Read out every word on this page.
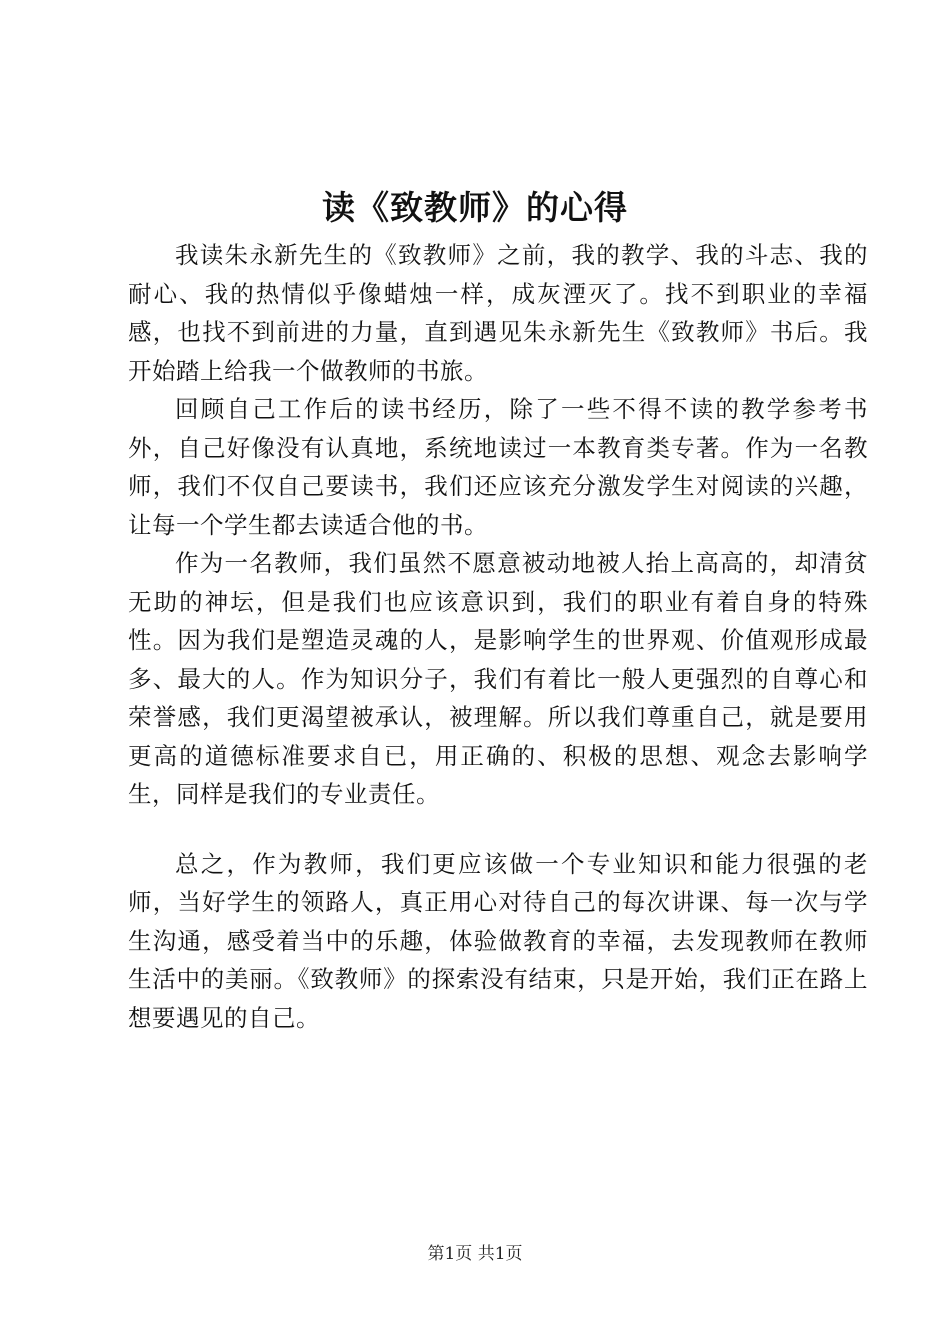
读《致教师》的心得

我读朱永新先生的《致教师》之前，我的教学、我的斗志、我的耐心、我的热情似乎像蜡烛一样，成灰湮灭了。找不到职业的幸福感，也找不到前进的力量，直到遇见朱永新先生《致教师》书后。我开始踏上给我一个做教师的书旅。

回顾自己工作后的读书经历，除了一些不得不读的教学参考书外，自己好像没有认真地，系统地读过一本教育类专著。作为一名教师，我们不仅自己要读书，我们还应该充分激发学生对阅读的兴趣，让每一个学生都去读适合他的书。

作为一名教师，我们虽然不愿意被动地被人抬上高高的，却清贫无助的神坛，但是我们也应该意识到，我们的职业有着自身的特殊性。因为我们是塑造灵魂的人，是影响学生的世界观、价值观形成最多、最大的人。作为知识分子，我们有着比一般人更强烈的自尊心和荣誉感，我们更渴望被承认，被理解。所以我们尊重自己，就是要用更高的道德标准要求自已，用正确的、积极的思想、观念去影响学生，同样是我们的专业责任。

总之，作为教师，我们更应该做一个专业知识和能力很强的老师，当好学生的领路人，真正用心对待自己的每次讲课、每一次与学生沟通，感受着当中的乐趣，体验做教育的幸福，去发现教师在教师生活中的美丽。《致教师》的探索没有结束，只是开始，我们正在路上想要遇见的自己。

第1页 共1页
